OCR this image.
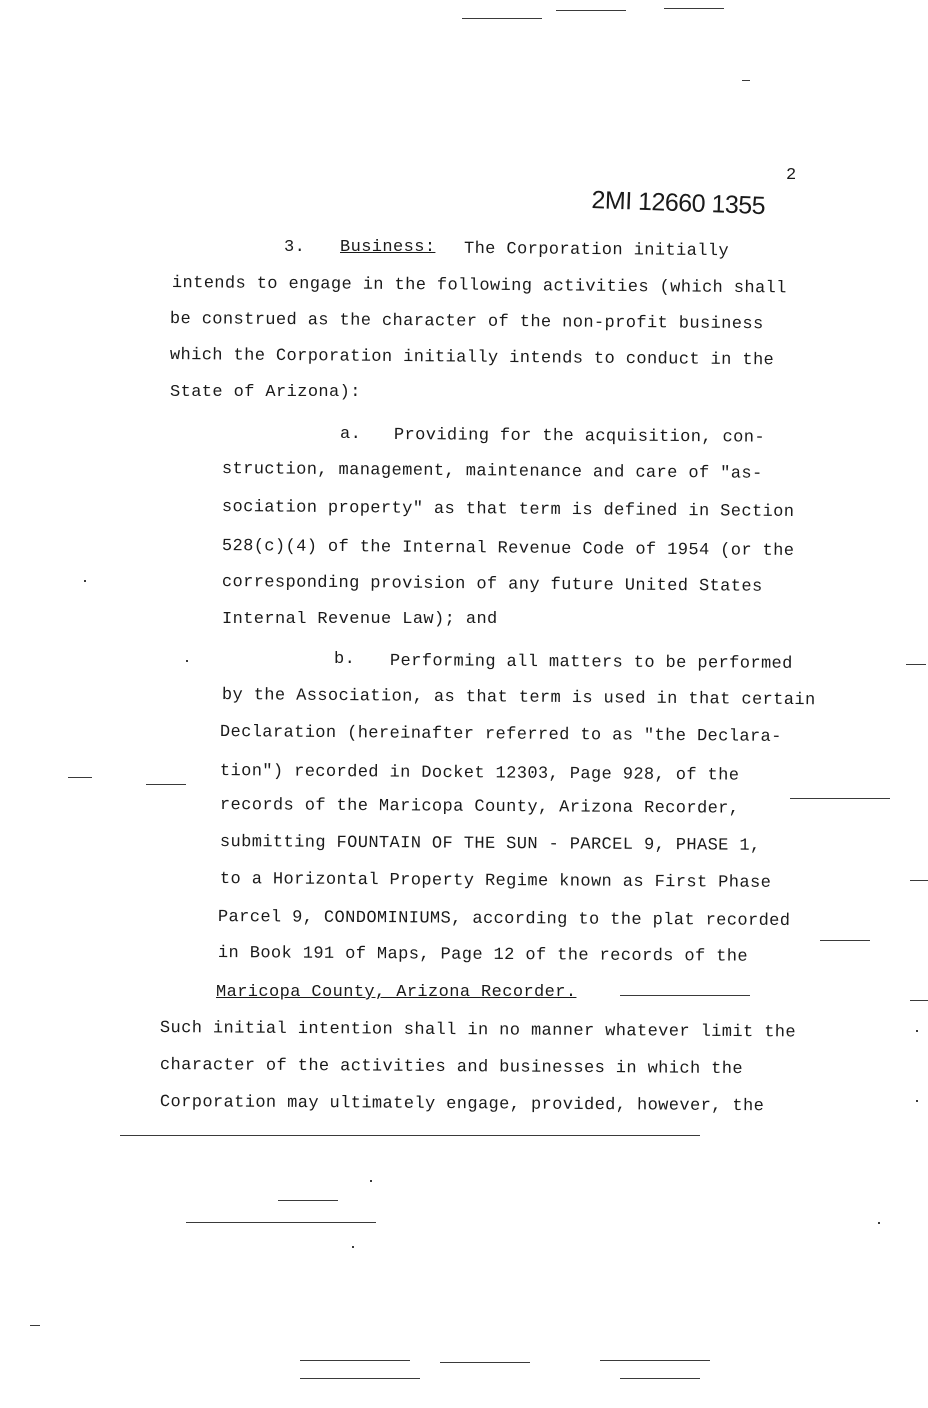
2
2MI 12660 1355
3. Business: The Corporation initially
intends to engage in the following activities (which shall
be construed as the character of the non-profit business
which the Corporation initially intends to conduct in the
State of Arizona):
a. Providing for the acquisition, con-
struction, management, maintenance and care of "as-
sociation property" as that term is defined in Section
528(c)(4) of the Internal Revenue Code of 1954 (or the
corresponding provision of any future United States
Internal Revenue Law); and
b. Performing all matters to be performed
by the Association, as that term is used in that certain
Declaration (hereinafter referred to as "the Declara-
tion") recorded in Docket 12303, Page 928, of the
records of the Maricopa County, Arizona Recorder,
submitting FOUNTAIN OF THE SUN - PARCEL 9, PHASE 1,
to a Horizontal Property Regime known as First Phase
Parcel 9, CONDOMINIUMS, according to the plat recorded
in Book 191 of Maps, Page 12 of the records of the
Maricopa County, Arizona Recorder.
Such initial intention shall in no manner whatever limit the
character of the activities and businesses in which the
Corporation may ultimately engage, provided, however, the
